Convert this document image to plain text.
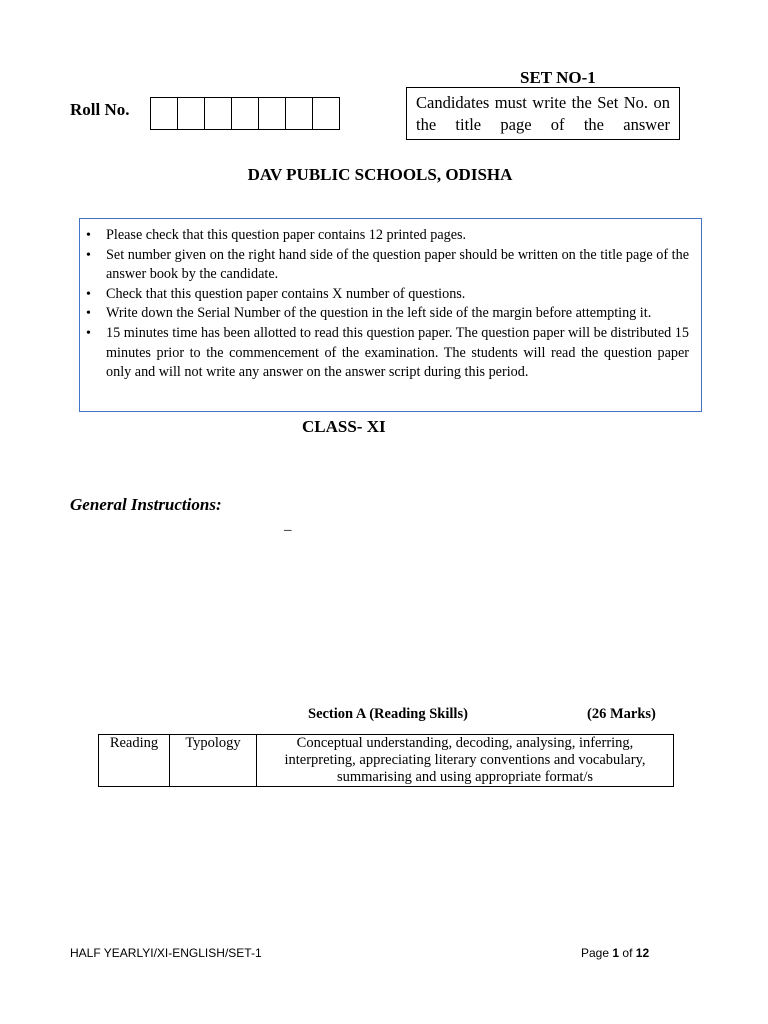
SET NO-1
Roll No.	Candidates must write the Set No. on the title page of the answer
DAV PUBLIC SCHOOLS, ODISHA
• Please check that this question paper contains 12 printed pages.
• Set number given on the right hand side of the question paper should be written on the title page of the answer book by the candidate.
• Check that this question paper contains X number of questions.
• Write down the Serial Number of the question in the left side of the margin before attempting it.
• 15 minutes time has been allotted to read this question paper. The question paper will be distributed 15 minutes prior to the commencement of the examination. The students will read the question paper only and will not write any answer on the answer script during this period.
CLASS- XI
General Instructions:
–
Section A (Reading Skills)	(26 Marks)
Reading	Typology	Conceptual understanding, decoding, analysing, inferring, interpreting, appreciating literary conventions and vocabulary, summarising and using appropriate format/s
HALF YEARLYI/XI-ENGLISH/SET-1	Page 1 of 12
